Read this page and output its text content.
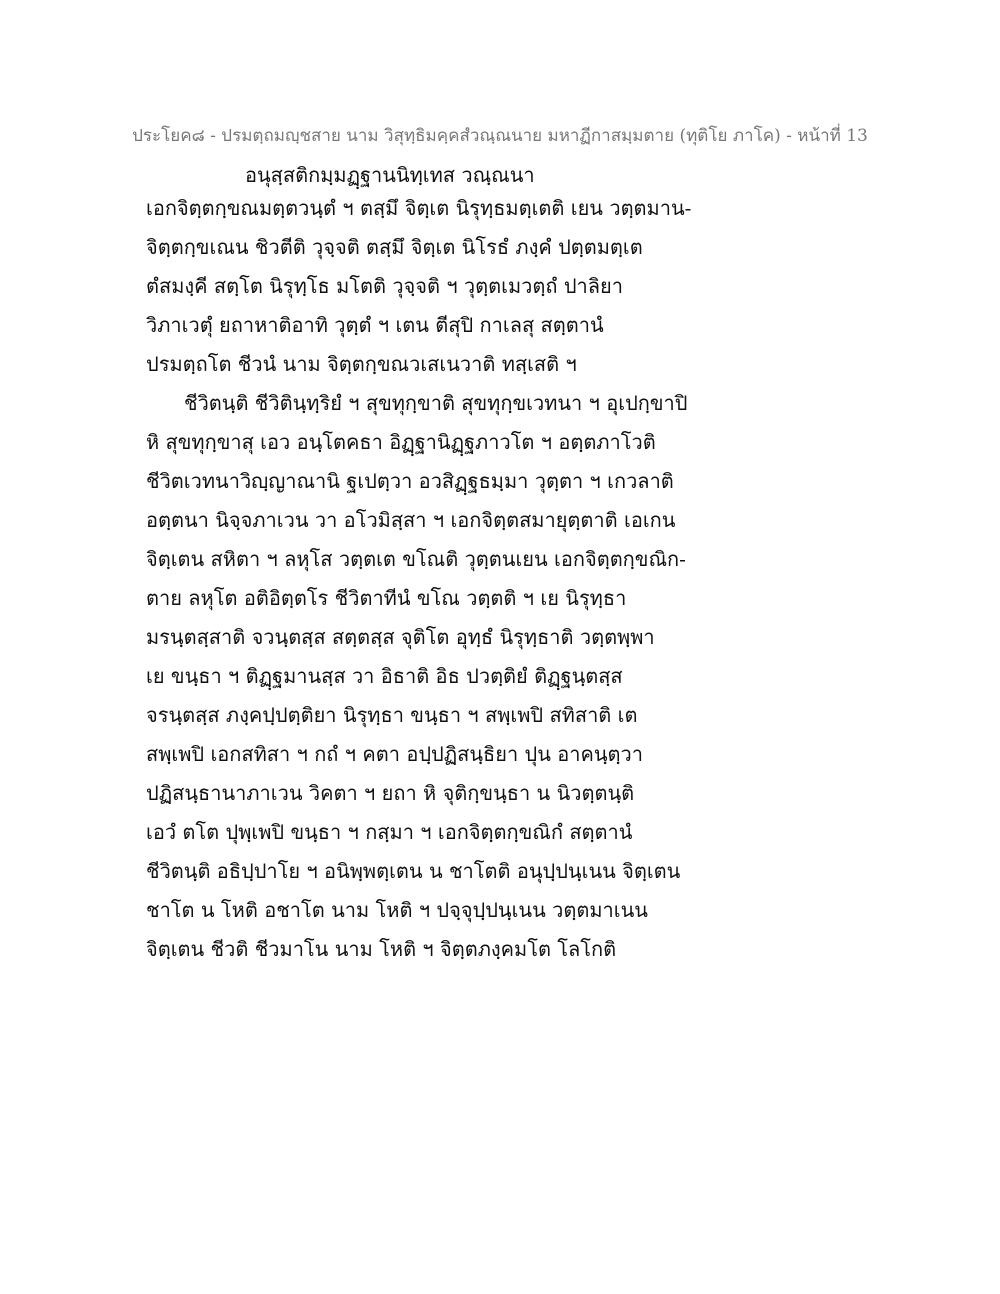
ประโยค๘ - ปรมตฺถมญฺชสาย นาม วิสุทฺธิมคฺคสํวณฺณนาย มหาฏีกาสมฺมตาย (ทุติโย ภาโค) - หน้าที่ 13
อนุสฺสติกมฺมฏฺฐานนิทฺเทส วณฺณนา
เอกจิตฺตกฺขณมตฺตวนฺตํ ฯ ตสฺมึ จิตฺเต นิรุทฺธมตฺเตติ เยน วตฺตมาน-
จิตฺตกฺขเณน ชิวตีติ วุจฺจติ ตสฺมึ จิตฺเต นิโรธํ ภงฺคํ ปตฺตมตฺเต
ตํสมงฺคี สตฺโต นิรุทฺโธ มโตติ วุจฺจติ ฯ วุตฺตเมวตฺถํ ปาลิยา
วิภาเวตุํ ยถาหาติอาทิ วุตฺตํ ฯ เตน ตีสุปิ กาเลสุ สตฺตานํ
ปรมตฺถโต ชีวนํ นาม จิตฺตกฺขณวเสเนวาติ ทสฺเสติ ฯ
ชีวิตนฺติ ชีวิตินฺทฺริยํ ฯ สุขทุกฺขาติ สุขทุกฺขเวทนา ฯ อุเปกฺขาปิ
หิ สุขทุกฺขาสุ เอว อนฺโตคธา อิฏฺฐานิฏฺฐภาวโต ฯ อตฺตภาโวติ
ชีวิตเวทนาวิญฺญาณานิ ฐเปตฺวา อวสิฏฺฐธมฺมา วุตฺตา ฯ เกวลาติ
อตฺตนา นิจฺจภาเวน วา อโวมิสฺสา ฯ เอกจิตฺตสมายุตฺตาติ เอเกน
จิตฺเตน สหิตา ฯ ลหุโส วตฺตเต ขโณติ วุตฺตนเยน เอกจิตฺตกฺขณิก-
ตาย ลหุโต อติอิตฺตโร ชีวิตาทีนํ ขโณ วตฺตติ ฯ เย นิรุทฺธา
มรนฺตสฺสาติ จวนฺตสฺส สตฺตสฺส จุติโต อุทฺธํ นิรุทฺธาติ วตฺตพฺพา
เย ขนฺธา ฯ ติฏฺฐมานสฺส วา อิธาติ อิธ ปวตฺติยํ ติฏฺฐนฺตสฺส
จรนฺตสฺส ภงฺคปฺปตฺติยา นิรุทฺธา ขนฺธา ฯ สพฺเพปิ สทิสาติ เต
สพฺเพปิ เอกสทิสา ฯ กถํ ฯ คตา อปฺปฏิสนฺธิยา ปุน อาคนฺตฺวา
ปฏิสนฺธานาภาเวน วิคตา ฯ ยถา หิ จุติกฺขนฺธา น นิวตฺตนฺติ
เอวํ ตโต ปุพฺเพปิ ขนฺธา ฯ กสฺมา ฯ เอกจิตฺตกฺขณิกํ สตฺตานํ
ชีวิตนฺติ อธิปฺปาโย ฯ อนิพฺพตฺเตน น ชาโตติ อนุปฺปนฺเนน จิตฺเตน
ชาโต น โหติ อชาโต นาม โหติ ฯ ปจฺจุปฺปนฺเนน วตฺตมาเนน
จิตฺเตน ชีวติ ชีวมาโน นาม โหติ ฯ จิตฺตภงฺคมโต โลโกติ
